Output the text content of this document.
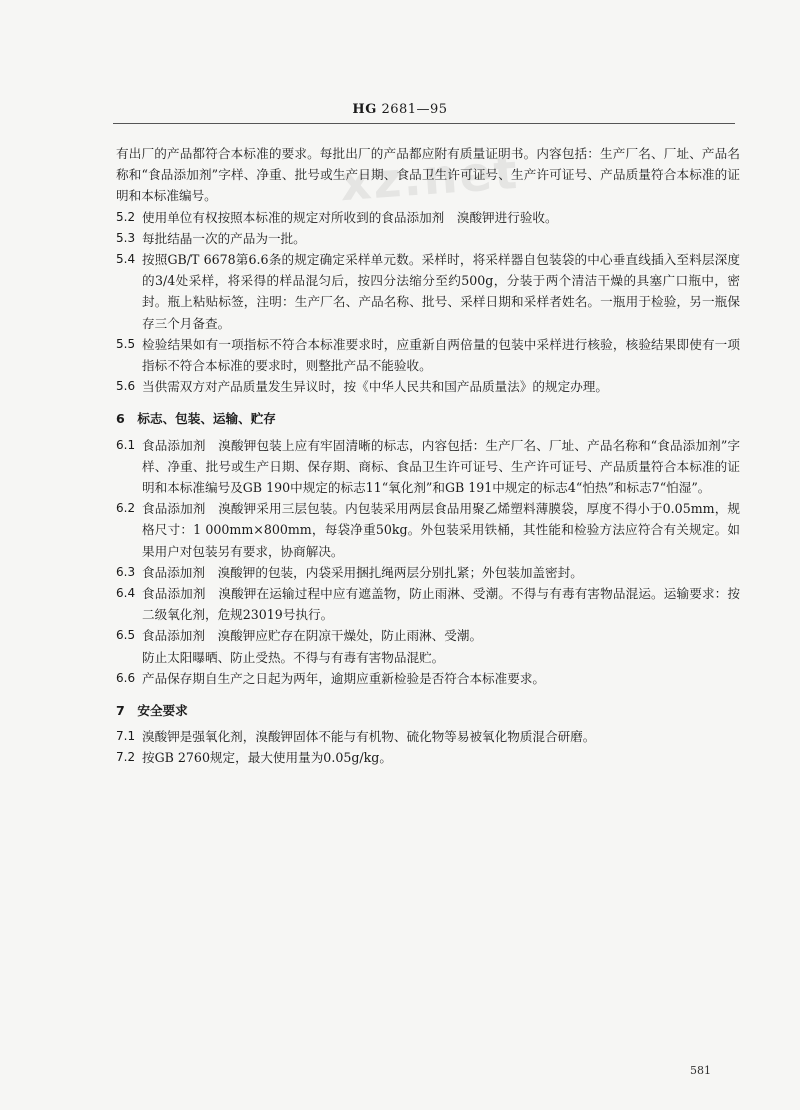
HG 2681—95
xz.net

有出厂的产品都符合本标准的要求。每批出厂的产品都应附有质量证明书。内容包括：生产厂名、厂址、产品名称和“食品添加剂”字样、净重、批号或生产日期、食品卫生许可证号、生产许可证号、产品质量符合本标准的证明和本标准编号。

5.2 使用单位有权按照本标准的规定对所收到的食品添加剂　溴酸钾进行验收。
5.3 每批结晶一次的产品为一批。
5.4 按照GB/T 6678第6.6条的规定确定采样单元数。采样时，将采样器自包装袋的中心垂直线插入至料层深度的3/4处采样，将采得的样品混匀后，按四分法缩分至约500g，分装于两个清洁干燥的具塞广口瓶中，密封。瓶上粘贴标签，注明：生产厂名、产品名称、批号、采样日期和采样者姓名。一瓶用于检验，另一瓶保存三个月备查。
5.5 检验结果如有一项指标不符合本标准要求时，应重新自两倍量的包装中采样进行核验，核验结果即使有一项指标不符合本标准的要求时，则整批产品不能验收。
5.6 当供需双方对产品质量发生异议时，按《中华人民共和国产品质量法》的规定办理。
6　标志、包装、运输、贮存
6.1 食品添加剂　溴酸钾包装上应有牢固清晰的标志，内容包括：生产厂名、厂址、产品名称和“食品添加剂”字样、净重、批号或生产日期、保存期、商标、食品卫生许可证号、生产许可证号、产品质量符合本标准的证明和本标准编号及GB 190中规定的标志11“氧化剂”和GB 191中规定的标志4“怕热”和标志7“怕湿”。
6.2 食品添加剂　溴酸钾采用三层包装。内包装采用两层食品用聚乙烯塑料薄膜袋，厚度不得小于0.05mm，规格尺寸：1 000mm×800mm，每袋净重50kg。外包装采用铁桶，其性能和检验方法应符合有关规定。如果用户对包装另有要求，协商解决。
6.3 食品添加剂　溴酸钾的包装，内袋采用捆扎绳两层分别扎紧；外包装加盖密封。
6.4 食品添加剂　溴酸钾在运输过程中应有遮盖物，防止雨淋、受潮。不得与有毒有害物品混运。运输要求：按二级氧化剂，危规23019号执行。
6.5 食品添加剂　溴酸钾应贮存在阴凉干燥处，防止雨淋、受潮。

防止太阳曝晒、防止受热。不得与有毒有害物品混贮。

6.6 产品保存期自生产之日起为两年，逾期应重新检验是否符合本标准要求。
7　安全要求
7.1 溴酸钾是强氧化剂，溴酸钾固体不能与有机物、硫化物等易被氧化物质混合研磨。
7.2 按GB 2760规定，最大使用量为0.05g/kg。
581
